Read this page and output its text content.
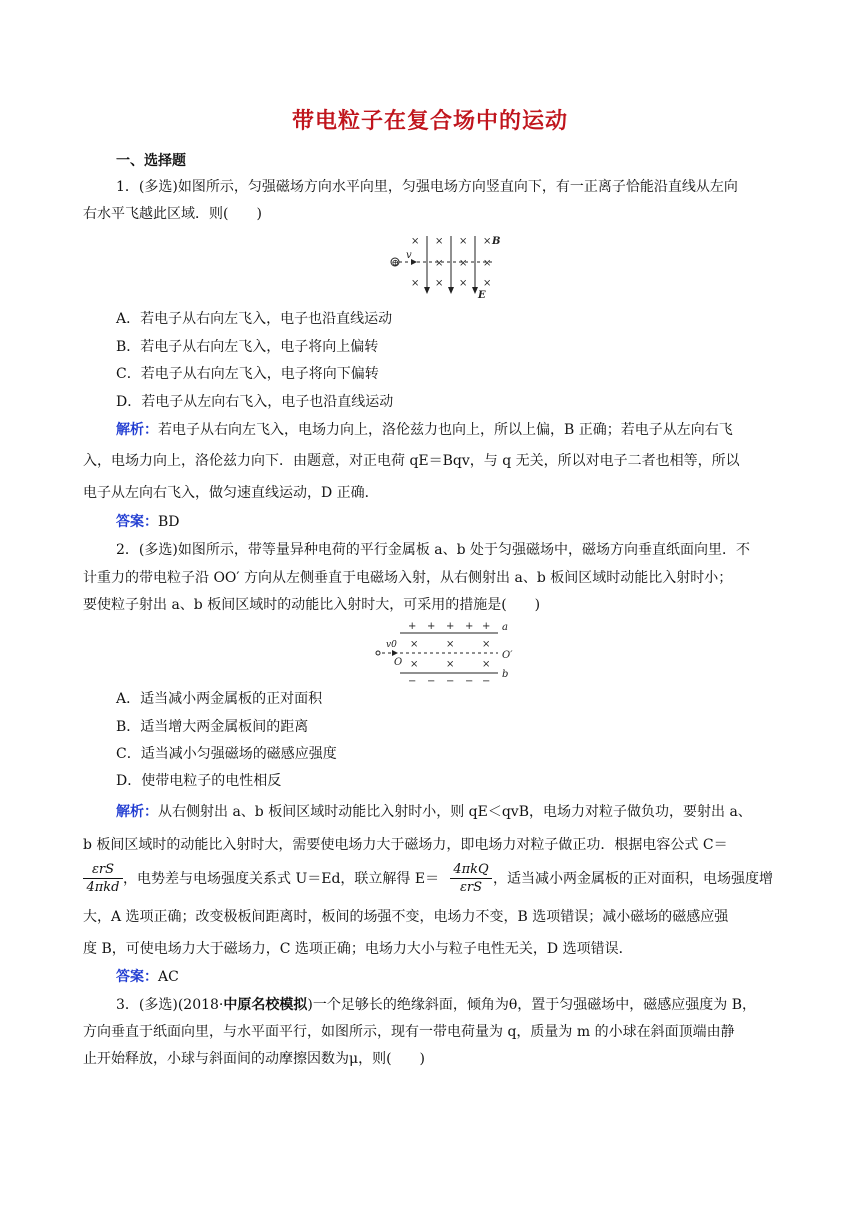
带电粒子在复合场中的运动
一、选择题
1．(多选)如图所示，匀强磁场方向水平向里，匀强电场方向竖直向下，有一正离子恰能沿直线从左向
右水平飞越此区域．则(　　)
× × × ×
× × ×
× × × ×
⊕
v
B
E
A．若电子从右向左飞入，电子也沿直线运动
B．若电子从右向左飞入，电子将向上偏转
C．若电子从右向左飞入，电子将向下偏转
D．若电子从左向右飞入，电子也沿直线运动
解析：若电子从右向左飞入，电场力向上，洛伦兹力也向上，所以上偏，B 正确；若电子从左向右飞
入，电场力向上，洛伦兹力向下．由题意，对正电荷 qE＝Bqv，与 q 无关，所以对电子二者也相等，所以
电子从左向右飞入，做匀速直线运动，D 正确．
答案：BD
2．(多选)如图所示，带等量异种电荷的平行金属板 a、b 处于匀强磁场中，磁场方向垂直纸面向里．不
计重力的带电粒子沿 OO′ 方向从左侧垂直于电磁场入射，从右侧射出 a、b 板间区域时动能比入射时小；
要使粒子射出 a、b 板间区域时的动能比入射时大，可采用的措施是(　　)
+ + + + +
×	×	×
×	×	×
− − − − −
a
b
O
O′
v0
A．适当减小两金属板的正对面积
B．适当增大两金属板间的距离
C．适当减小匀强磁场的磁感应强度
D．使带电粒子的电性相反
解析：从右侧射出 a、b 板间区域时动能比入射时小，则 qE＜qvB，电场力对粒子做负功，要射出 a、
b 板间区域时的动能比入射时大，需要使电场力大于磁场力，即电场力对粒子做正功．根据电容公式 C＝
εrS
4πkd
，电势差与电场强度关系式 U＝Ed，联立解得 E＝
4πkQ
εrS
，适当减小两金属板的正对面积，电场强度增
大，A 选项正确；改变极板间距离时，板间的场强不变，电场力不变，B 选项错误；减小磁场的磁感应强
度 B，可使电场力大于磁场力，C 选项正确；电场力大小与粒子电性无关，D 选项错误．
答案：AC
3．(多选)(2018·中原名校模拟)一个足够长的绝缘斜面，倾角为θ，置于匀强磁场中，磁感应强度为 B，
方向垂直于纸面向里，与水平面平行，如图所示，现有一带电荷量为 q，质量为 m 的小球在斜面顶端由静
止开始释放，小球与斜面间的动摩擦因数为μ，则(　　)
